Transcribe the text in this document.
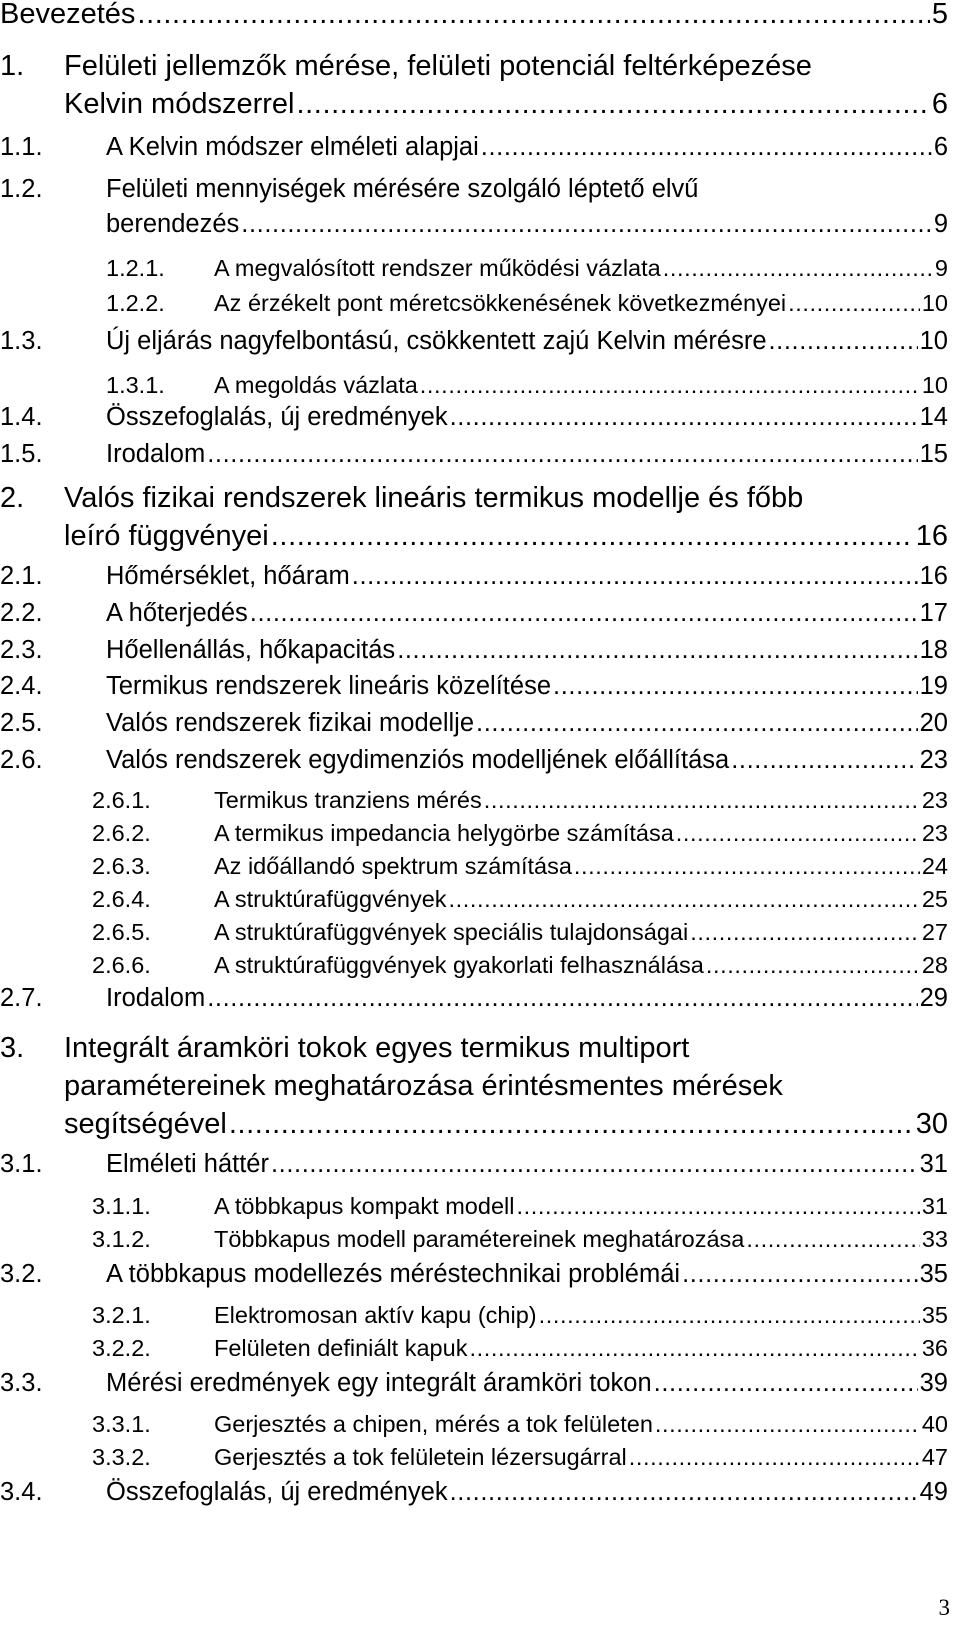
Bevezetés .....	5
1. Felületi jellemzők mérése, felületi potenciál feltérképezése
Kelvin módszerrel .....	6
1.1. A Kelvin módszer elméleti alapjai .....	6
1.2. Felületi mennyiségek mérésére szolgáló léptető elvű
berendezés .....	9
1.2.1. A megvalósított rendszer működési vázlata .....	9
1.2.2. Az érzékelt pont méretcsökkenésének következményei .....	10
1.3. Új eljárás nagyfelbontású, csökkentett zajú Kelvin mérésre .....	10
1.3.1. A megoldás vázlata .....	10
1.4. Összefoglalás, új eredmények .....	14
1.5. Irodalom .....	15
2. Valós fizikai rendszerek lineáris termikus modellje és főbb
leíró függvényei .....	16
2.1. Hőmérséklet, hőáram .....	16
2.2. A hőterjedés .....	17
2.3. Hőellenállás, hőkapacitás .....	18
2.4. Termikus rendszerek lineáris közelítése .....	19
2.5. Valós rendszerek fizikai modellje .....	20
2.6. Valós rendszerek egydimenziós modelljének előállítása .....	23
2.6.1.	Termikus tranziens mérés .....	23
2.6.2.	A termikus impedancia helygörbe számítása .....	23
2.6.3.	Az időállandó spektrum számítása .....	24
2.6.4.	A struktúrafüggvények .....	25
2.6.5.	A struktúrafüggvények speciális tulajdonságai .....	27
2.6.6.	A struktúrafüggvények gyakorlati felhasználása .....	28
2.7. Irodalom .....	29
3. Integrált áramköri tokok egyes termikus multiport
paramétereinek meghatározása érintésmentes mérések
segítségével .....	30
3.1. Elméleti háttér .....	31
3.1.1.	A többkapus kompakt modell .....	31
3.1.2.	Többkapus modell paramétereinek meghatározása .....	33
3.2. A többkapus modellezés méréstechnikai problémái .....	35
3.2.1.	Elektromosan aktív kapu (chip) .....	35
3.2.2.	Felületen definiált kapuk .....	36
3.3. Mérési eredmények egy integrált áramköri tokon .....	39
3.3.1.	Gerjesztés a chipen, mérés a tok felületen .....	40
3.3.2.	Gerjesztés a tok felületein lézersugárral .....	47
3.4. Összefoglalás, új eredmények .....	49
3
